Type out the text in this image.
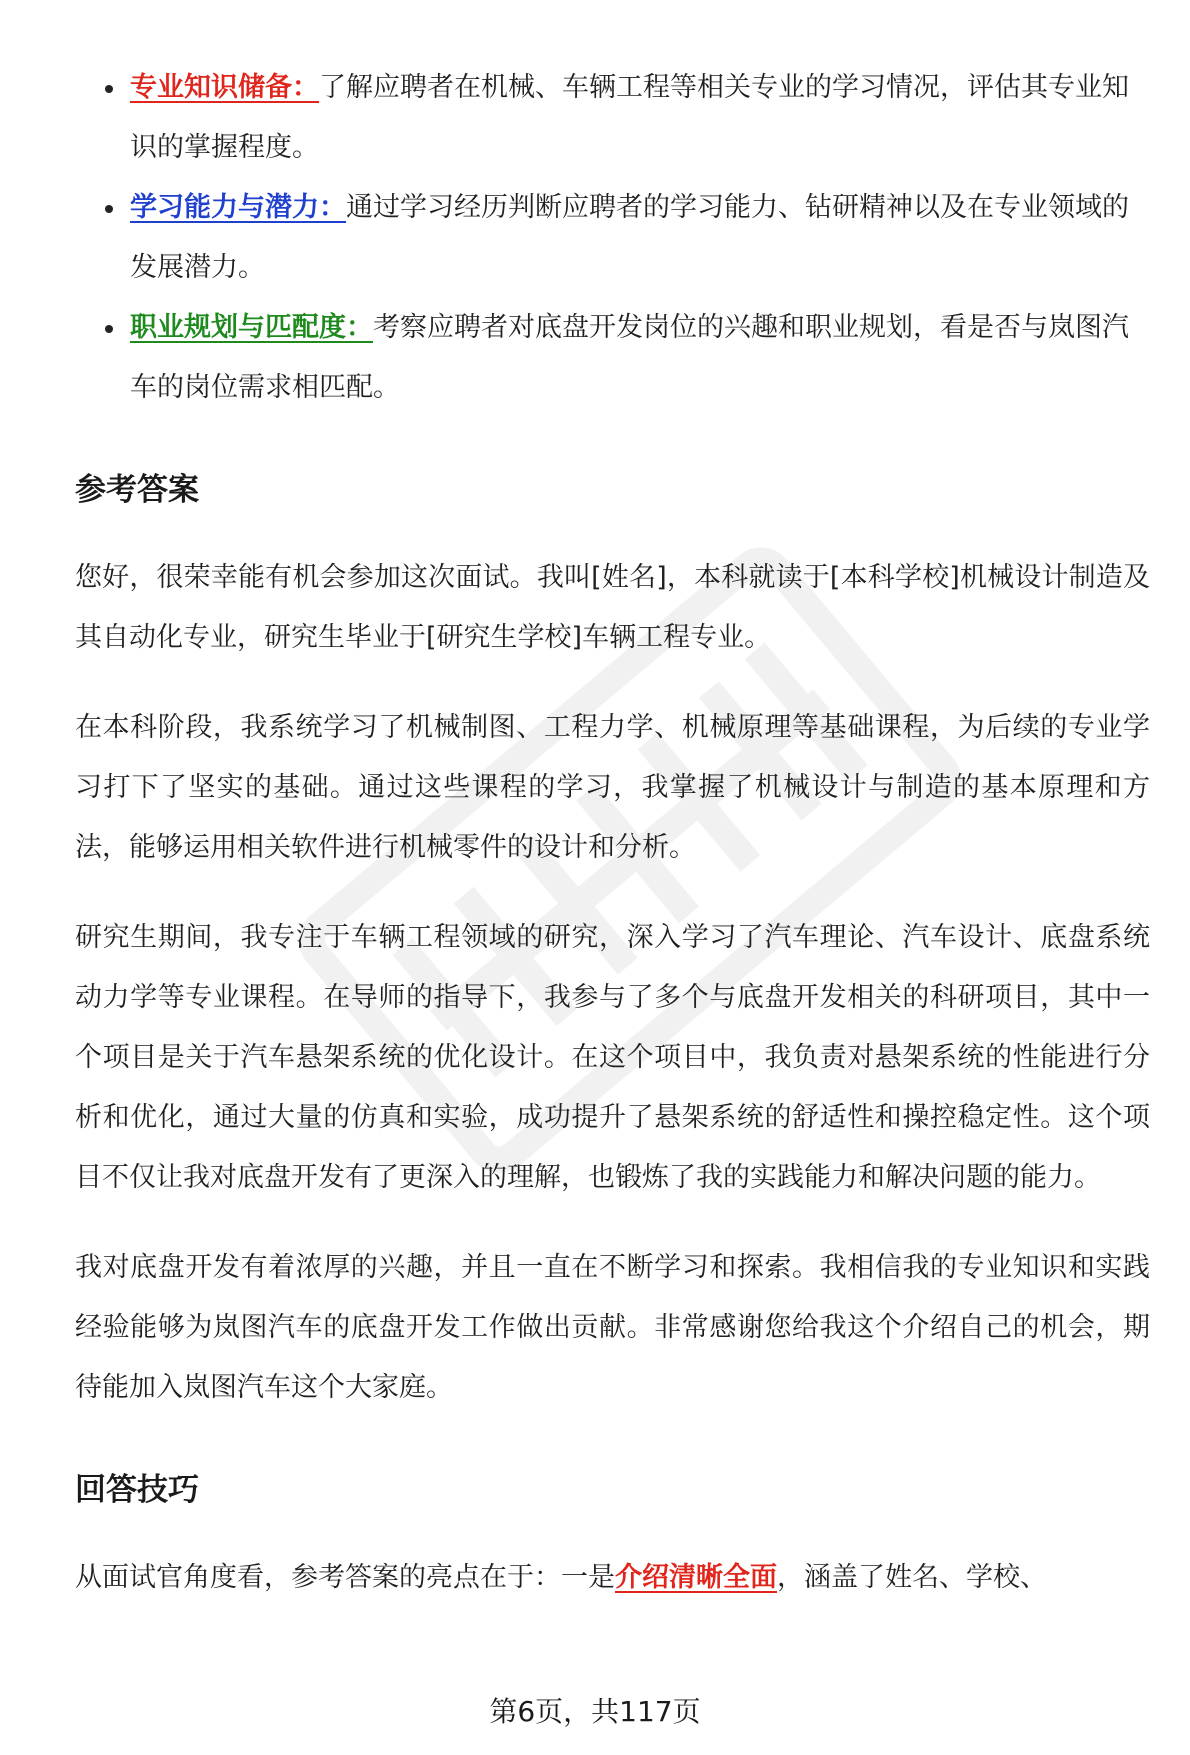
专业知识储备：了解应聘者在机械、车辆工程等相关专业的学习情况，评估其专业知识的掌握程度。
学习能力与潜力：通过学习经历判断应聘者的学习能力、钻研精神以及在专业领域的发展潜力。
职业规划与匹配度：考察应聘者对底盘开发岗位的兴趣和职业规划，看是否与岚图汽车的岗位需求相匹配。
参考答案

您好，很荣幸能有机会参加这次面试。我叫[姓名]，本科就读于[本科学校]机械设计制造及其自动化专业，研究生毕业于[研究生学校]车辆工程专业。

在本科阶段，我系统学习了机械制图、工程力学、机械原理等基础课程，为后续的专业学习打下了坚实的基础。通过这些课程的学习，我掌握了机械设计与制造的基本原理和方法，能够运用相关软件进行机械零件的设计和分析。

研究生期间，我专注于车辆工程领域的研究，深入学习了汽车理论、汽车设计、底盘系统动力学等专业课程。在导师的指导下，我参与了多个与底盘开发相关的科研项目，其中一个项目是关于汽车悬架系统的优化设计。在这个项目中，我负责对悬架系统的性能进行分析和优化，通过大量的仿真和实验，成功提升了悬架系统的舒适性和操控稳定性。这个项目不仅让我对底盘开发有了更深入的理解，也锻炼了我的实践能力和解决问题的能力。

我对底盘开发有着浓厚的兴趣，并且一直在不断学习和探索。我相信我的专业知识和实践经验能够为岚图汽车的底盘开发工作做出贡献。非常感谢您给我这个介绍自己的机会，期待能加入岚图汽车这个大家庭。

回答技巧

从面试官角度看，参考答案的亮点在于：一是介绍清晰全面，涵盖了姓名、学校、

第6页，共117页
